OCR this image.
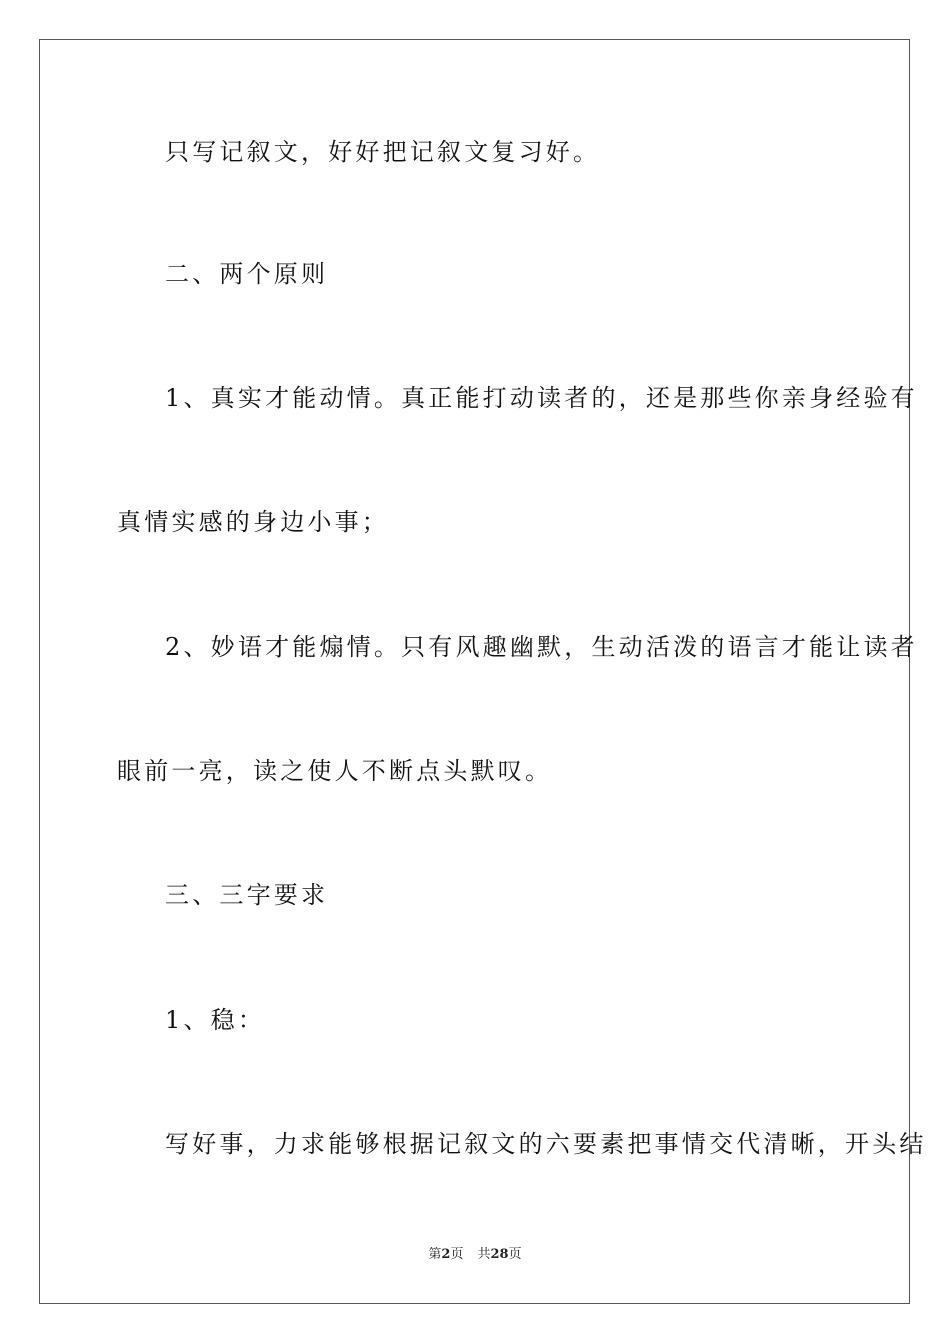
只写记叙文，好好把记叙文复习好。
二、两个原则
1、真实才能动情。真正能打动读者的，还是那些你亲身经验有
真情实感的身边小事；
2、妙语才能煽情。只有风趣幽默，生动活泼的语言才能让读者
眼前一亮，读之使人不断点头默叹。
三、三字要求
1、稳：
写好事，力求能够根据记叙文的六要素把事情交代清晰，开头结
第2页 共28页
